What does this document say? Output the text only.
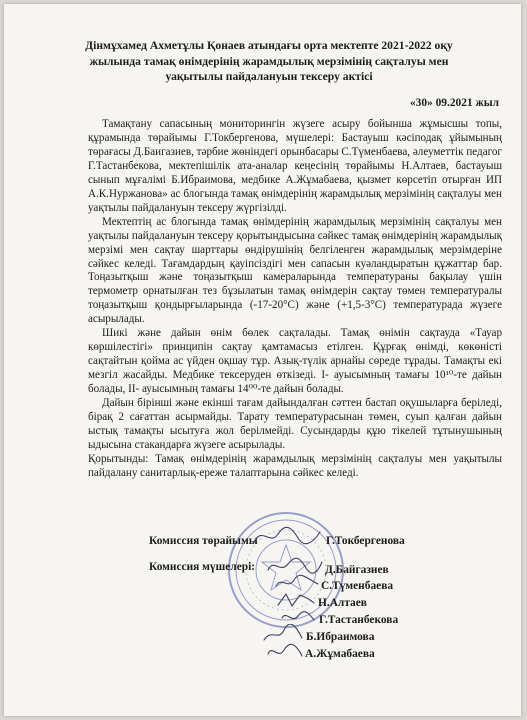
Дінмұхамед Ахметұлы Қонаев атындағы орта мектепте 2021-2022 оқу жылында тамақ өнімдерінің жарамдылық мерзімінің сақталуы мен уақытылы пайдалануын тексеру актісі
«30» 09.2021 жыл

Тамақтану сапасының мониторингін жүзеге асыру бойынша жұмысшы топы, құрамында төрайымы Г.Токбергенова, мүшелері: Бастауыш кәсіподақ ұйымының төрағасы Д.Баигазиев, тәрбие жөніндегі орынбасары С.Түменбаева, әлеуметтік педагог Г.Тастанбекова, мектепішілік ата-аналар кеңесінің төрайымы Н.Алтаев, бастауыш сынып мұғалімі Б.Ибраимова, медбике А.Жұмабаева, қызмет көрсетіп отырған ИП А.К.Нуржанова» ас блогында тамақ өнімдерінің жарамдылық мерзімінің сақталуы мен уақтылы пайдалануын тексеру жүргізілді.

Мектептің ас блогында тамақ өнімдерінің жарамдылық мерзімінің сақталуы мен уақтылы пайдалануын тексеру қорытындысына сәйкес тамақ өнімдерінің жарамдылық мерзімі мен сақтау шарттары өндірушінің белгіленген жарамдылық мерзімдеріне сәйкес келеді. Тағамдардың қауіпсіздігі мен сапасын куәландыратын құжаттар бар. Тоңазытқыш және тоңазытқыш камераларында температураны бақылау үшін термометр орнатылған тез бұзылатын тамақ өнімдерін сақтау төмен температуралы тоңазытқыш қондырғыларында (-17-20°С) және (+1,5-3°С) температурада жүзеге асырылады.

Шикі және дайын өнім бөлек сақталады. Тамақ өнімін сақтауда «Тауар көршілестігі» принципін сақтау қамтамасыз етілген. Құрғақ өнімді, көкөністі сақтайтын қойма ас үйден оқшау тұр. Азық-түлік арнайы сөреде тұрады. Тамақты екі мезгіл жасайды. Медбике тексеруден өткізеді. I- ауысымның тамағы 10¹⁰-те дайын болады, II- ауысымның тамағы 14⁰⁰-те дайын болады.

Дайын бірінші және екінші тағам дайындалған сәттен бастап оқушыларға беріледі, бірақ 2 сағаттан асырмайды. Тарату температурасынан төмен, суып қалған дайын ыстық тамақты ысытуға жол берілмейді. Сусындарды құю тікелей тұтынушының ыдысына стакандарға жүзеге асырылады.

Қорытынды: Тамақ өнімдерінің жарамдылық мерзімінің сақталуы мен уақытылы пайдалану санитарлық-ереже талаптарына сәйкес келеді.

Комиссия төрайымы	Г.Токбергенова
Комиссия мүшелері:	Д.Байгазиев
С.Түменбаева
Н.Алтаев
Г.Тастанбекова
Б.Ибраимова
А.Жұмабаева
